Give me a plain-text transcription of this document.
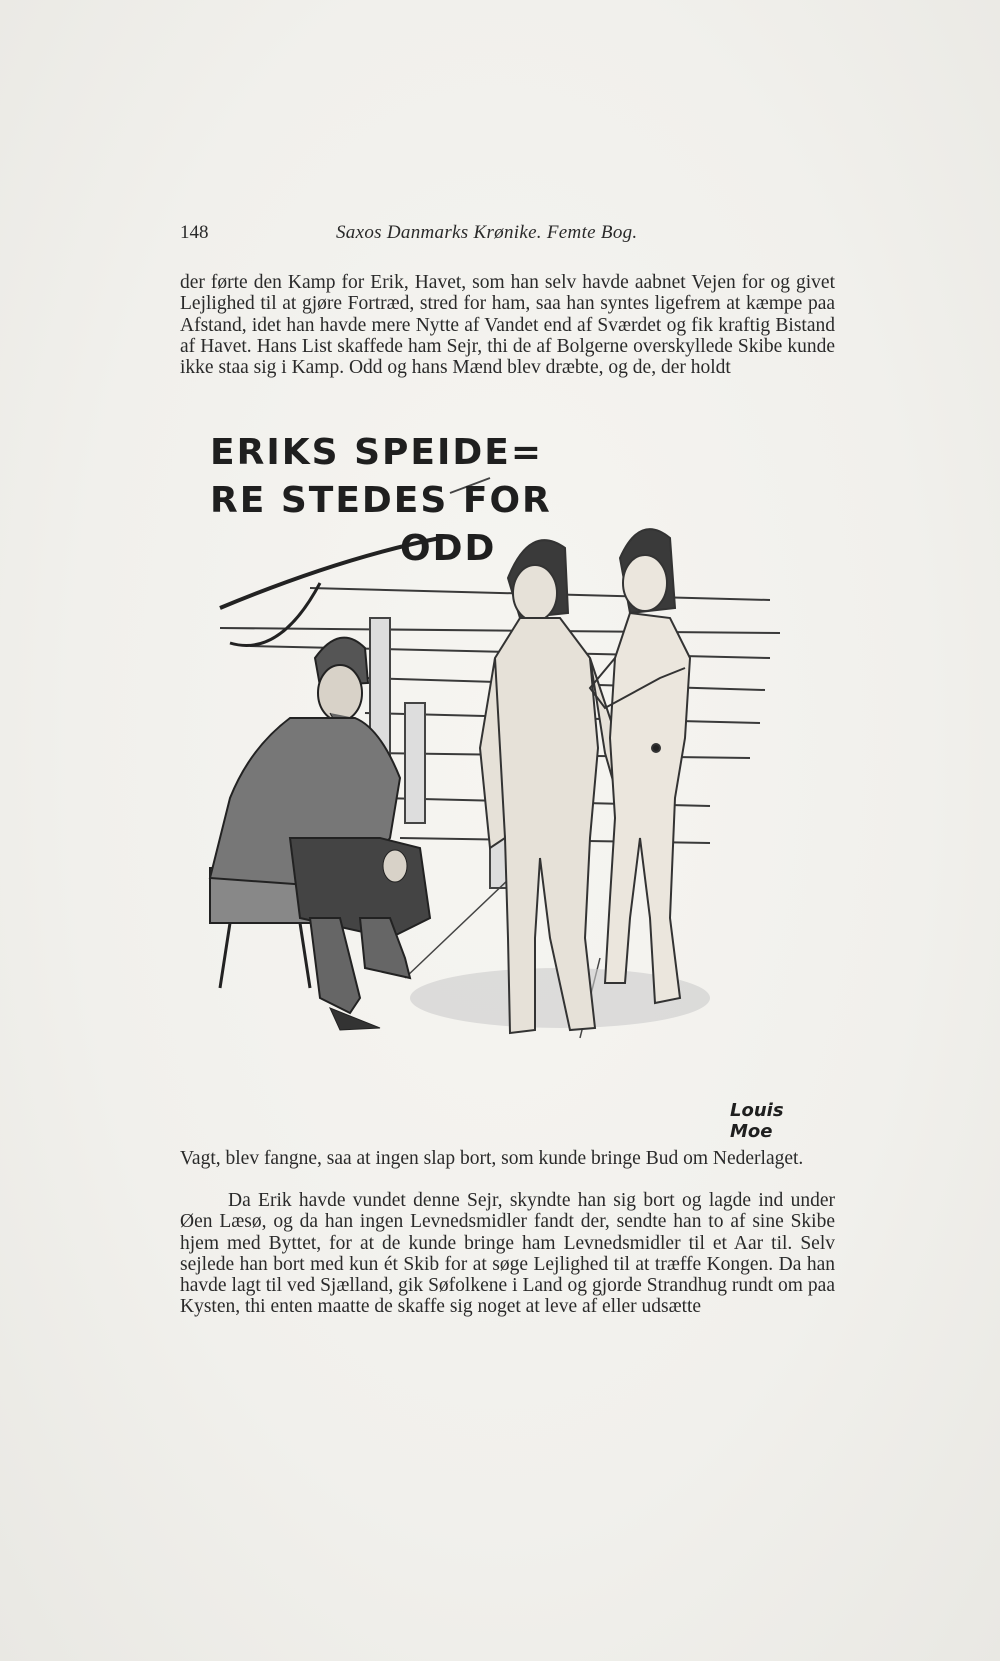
148	Saxos Danmarks Krønike. Femte Bog.

der førte den Kamp for Erik, Havet, som han selv havde aabnet Vejen for og givet Lejlighed til at gjøre Fortræd, stred for ham, saa han syntes ligefrem at kæmpe paa Afstand, idet han havde mere Nytte af Vandet end af Sværdet og fik kraftig Bistand af Havet. Hans List skaffede ham Sejr, thi de af Bolgerne overskyllede Skibe kunde ikke staa sig i Kamp. Odd og hans Mænd blev dræbte, og de, der holdt

ERIKS SPEIDE=

RE STEDES FOR

ODD

Louis Moe

Vagt, blev fangne, saa at ingen slap bort, som kunde bringe Bud om Nederlaget.

Da Erik havde vundet denne Sejr, skyndte han sig bort og lagde ind under Øen Læsø, og da han ingen Levnedsmidler fandt der, sendte han to af sine Skibe hjem med Byttet, for at de kunde bringe ham Levnedsmidler til et Aar til. Selv sejlede han bort med kun ét Skib for at søge Lejlighed til at træffe Kongen. Da han havde lagt til ved Sjælland, gik Søfolkene i Land og gjorde Strandhug rundt om paa Kysten, thi enten maatte de skaffe sig noget at leve af eller udsætte
